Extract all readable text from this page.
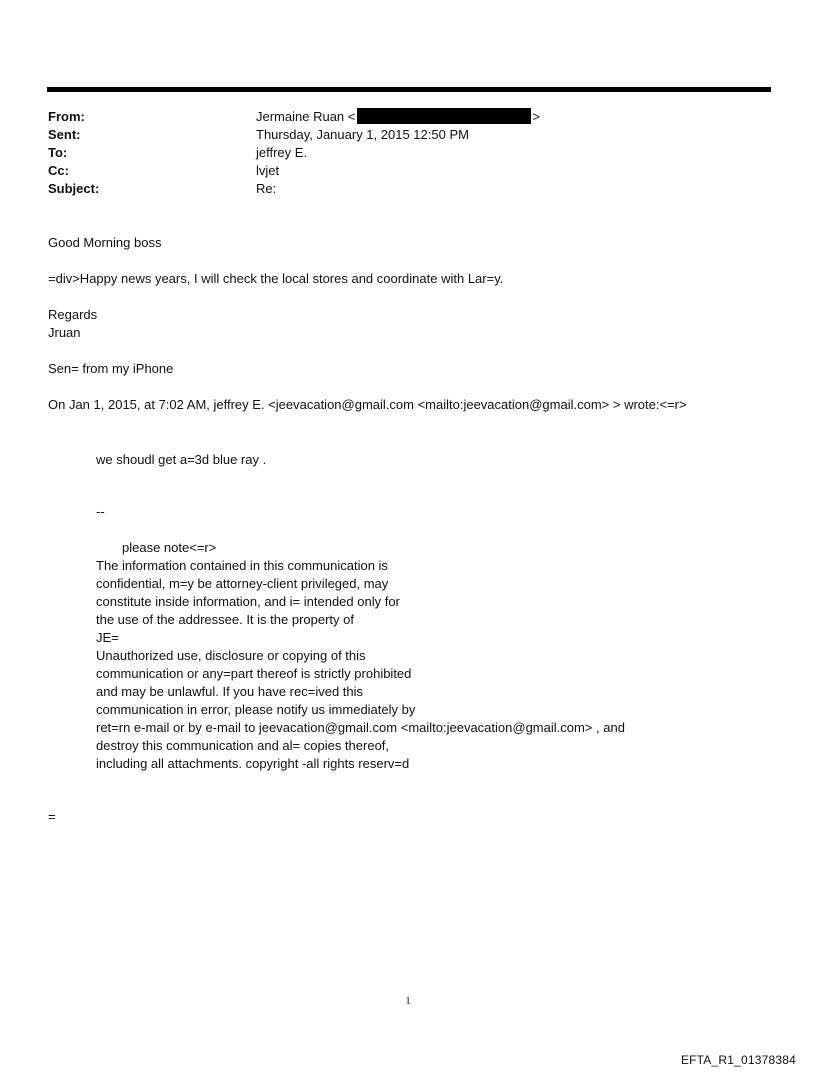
From:	Jermaine Ruan <	>
Sent:	Thursday, January 1, 2015 12:50 PM
To:	jeffrey E.
Cc:	lvjet
Subject:	Re:
Good Morning boss
=div>Happy news years, I will check the local stores and coordinate with Lar=y.
Regards
Jruan
Sen= from my iPhone
On Jan 1, 2015, at 7:02 AM, jeffrey E. <jeevacation@gmail.com <mailto:jeevacation@gmail.com> > wrote:<=r>
we shoudl get a=3d blue ray .
--
please note<=r>
The information contained in this communication is
confidential, m=y be attorney-client privileged, may
constitute inside information, and i= intended only for
the use of the addressee. It is the property of
JE=
Unauthorized use, disclosure or copying of this
communication or any=part thereof is strictly prohibited
and may be unlawful. If you have rec=ived this
communication in error, please notify us immediately by
ret=rn e-mail or by e-mail to jeevacation@gmail.com <mailto:jeevacation@gmail.com> , and
destroy this communication and al= copies thereof,
including all attachments. copyright -all rights reserv=d
=
1
EFTA_R1_01378384
